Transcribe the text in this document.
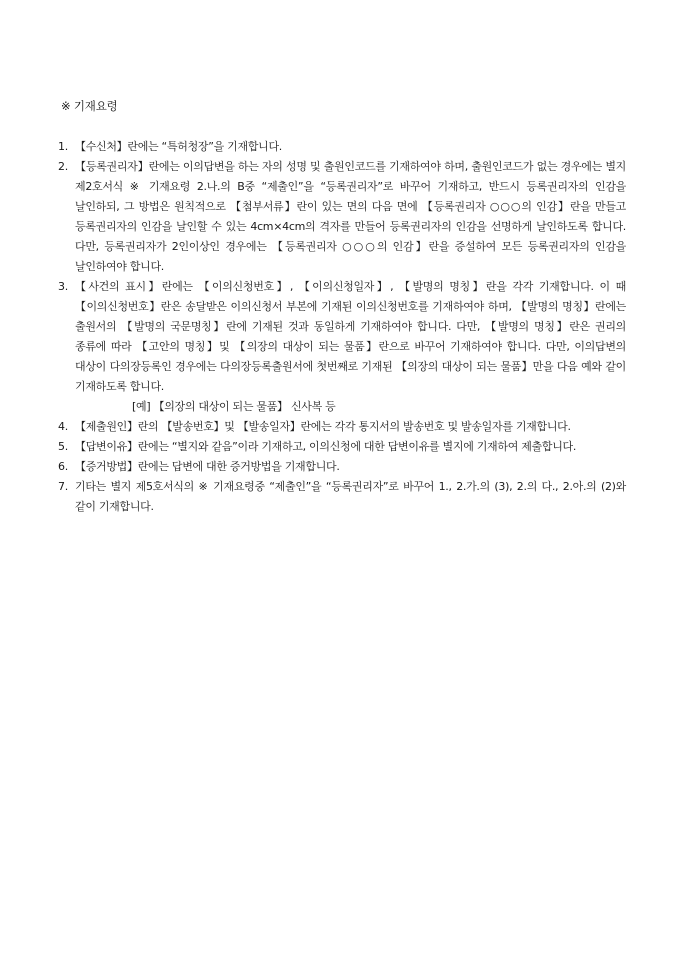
※ 기재요령
1. 【수신처】란에는 “특허청장”을 기재합니다.
2. 【등록권리자】란에는 이의답변을 하는 자의 성명 및 출원인코드를 기재하여야 하며, 출원인코드가 없는 경우에는 별지 제2호서식 ※ 기재요령 2.나.의 B중 “제출인”을 “등록권리자”로 바꾸어 기재하고, 반드시 등록권리자의 인감을 날인하되, 그 방법은 원칙적으로 【첨부서류】란이 있는 면의 다음 면에 【등록권리자 ○○○의 인감】란을 만들고 등록권리자의 인감을 날인할 수 있는 4cm×4cm의 격자를 만들어 등록권리자의 인감을 선명하게 날인하도록 합니다. 다만, 등록권리자가 2인이상인 경우에는 【등록권리자 ○○○의 인감】란을 증설하여 모든 등록권리자의 인감을 날인하여야 합니다.
3. 【사건의 표시】란에는 【이의신청번호】, 【이의신청일자】, 【발명의 명칭】란을 각각 기재합니다. 이 때 【이의신청번호】란은 송달받은 이의신청서 부본에 기재된 이의신청번호를 기재하여야 하며, 【발명의 명칭】란에는 출원서의 【발명의 국문명칭】란에 기재된 것과 동일하게 기재하여야 합니다. 다만, 【발명의 명칭】란은 권리의 종류에 따라 【고안의 명칭】및 【의장의 대상이 되는 물품】란으로 바꾸어 기재하여야 합니다. 다만, 이의답변의 대상이 다의장등록인 경우에는 다의장등록출원서에 첫번째로 기재된 【의장의 대상이 되는 물품】만을 다음 예와 같이 기재하도록 합니다.
[예] 【의장의 대상이 되는 물품】 신사복 등
4. 【제출원인】란의 【발송번호】및 【발송일자】란에는 각각 통지서의 발송번호 및 발송일자를 기재합니다.
5. 【답변이유】란에는 “별지와 같음”이라 기재하고, 이의신청에 대한 답변이유를 별지에 기재하여 제출합니다.
6. 【증거방법】란에는 답변에 대한 증거방법을 기재합니다.
7. 기타는 별지 제5호서식의 ※ 기재요령중 “제출인”을 “등록권리자”로 바꾸어 1., 2.가.의 (3), 2.의 다., 2.아.의 (2)와 같이 기재합니다.
